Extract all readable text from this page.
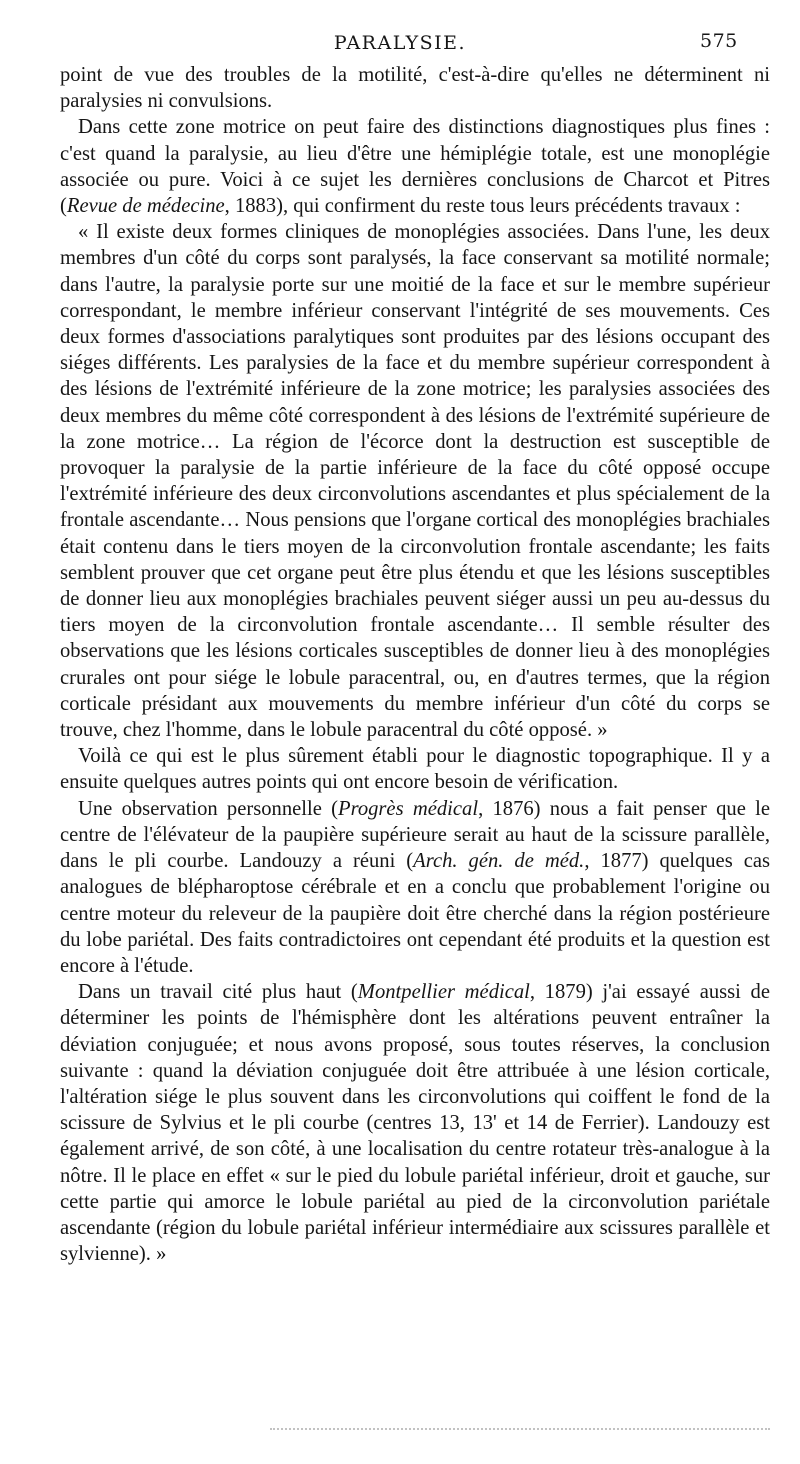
PARALYSIE.	575

point de vue des troubles de la motilité, c'est-à-dire qu'elles ne déterminent ni paralysies ni convulsions.

Dans cette zone motrice on peut faire des distinctions diagnostiques plus fines : c'est quand la paralysie, au lieu d'être une hémiplégie totale, est une monoplégie associée ou pure. Voici à ce sujet les dernières conclusions de Charcot et Pitres (Revue de médecine, 1883), qui confirment du reste tous leurs précédents travaux :

« Il existe deux formes cliniques de monoplégies associées. Dans l'une, les deux membres d'un côté du corps sont paralysés, la face conservant sa motilité normale; dans l'autre, la paralysie porte sur une moitié de la face et sur le membre supérieur correspondant, le membre inférieur conservant l'intégrité de ses mouvements. Ces deux formes d'associations paralytiques sont produites par des lésions occupant des siéges différents. Les paralysies de la face et du membre supérieur correspondent à des lésions de l'extrémité inférieure de la zone motrice; les paralysies associées des deux membres du même côté correspondent à des lésions de l'extrémité supérieure de la zone motrice… La région de l'écorce dont la destruction est susceptible de provoquer la paralysie de la partie inférieure de la face du côté opposé occupe l'extrémité inférieure des deux circonvolutions ascendantes et plus spécialement de la frontale ascendante… Nous pensions que l'organe cortical des monoplégies brachiales était contenu dans le tiers moyen de la circonvolution frontale ascendante; les faits semblent prouver que cet organe peut être plus étendu et que les lésions susceptibles de donner lieu aux monoplégies brachiales peuvent siéger aussi un peu au-dessus du tiers moyen de la circonvolution frontale ascendante… Il semble résulter des observations que les lésions corticales susceptibles de donner lieu à des monoplégies crurales ont pour siége le lobule paracentral, ou, en d'autres termes, que la région corticale présidant aux mouvements du membre inférieur d'un côté du corps se trouve, chez l'homme, dans le lobule paracentral du côté opposé. »

Voilà ce qui est le plus sûrement établi pour le diagnostic topographique. Il y a ensuite quelques autres points qui ont encore besoin de vérification.

Une observation personnelle (Progrès médical, 1876) nous a fait penser que le centre de l'élévateur de la paupière supérieure serait au haut de la scissure parallèle, dans le pli courbe. Landouzy a réuni (Arch. gén. de méd., 1877) quelques cas analogues de blépharoptose cérébrale et en a conclu que probablement l'origine ou centre moteur du releveur de la paupière doit être cherché dans la région postérieure du lobe pariétal. Des faits contradictoires ont cependant été produits et la question est encore à l'étude.

Dans un travail cité plus haut (Montpellier médical, 1879) j'ai essayé aussi de déterminer les points de l'hémisphère dont les altérations peuvent entraîner la déviation conjuguée; et nous avons proposé, sous toutes réserves, la conclusion suivante : quand la déviation conjuguée doit être attribuée à une lésion corticale, l'altération siége le plus souvent dans les circonvolutions qui coiffent le fond de la scissure de Sylvius et le pli courbe (centres 13, 13' et 14 de Ferrier). Landouzy est également arrivé, de son côté, à une localisation du centre rotateur très-analogue à la nôtre. Il le place en effet « sur le pied du lobule pariétal inférieur, droit et gauche, sur cette partie qui amorce le lobule pariétal au pied de la circonvolution pariétale ascendante (région du lobule pariétal inférieur intermédiaire aux scissures parallèle et sylvienne). »
